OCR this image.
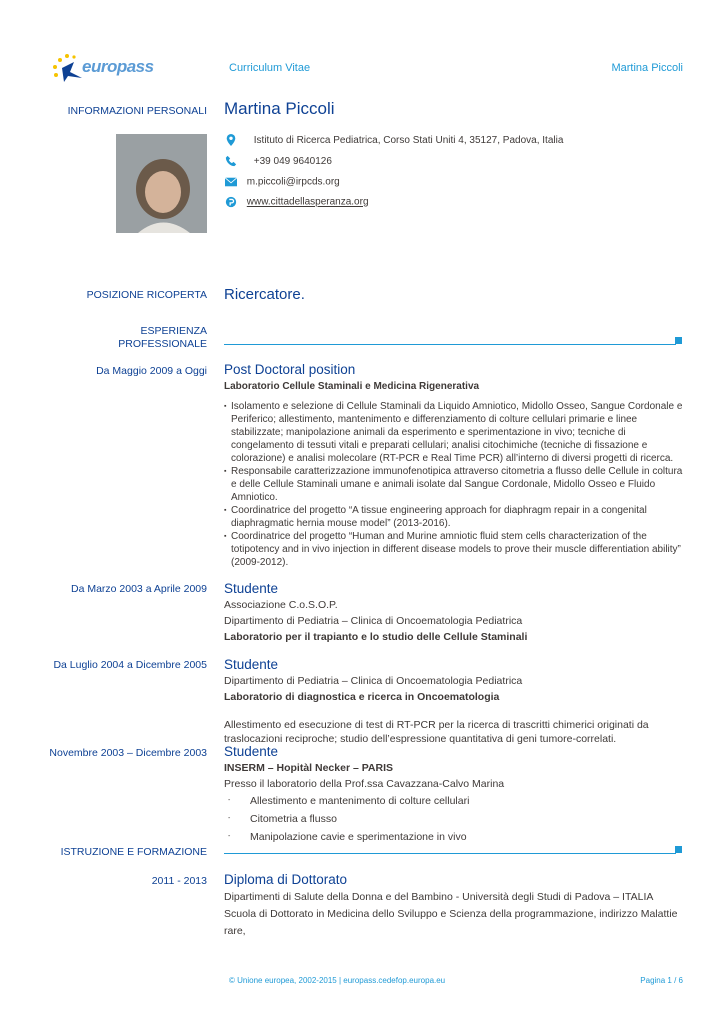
europass	Curriculum Vitae	Martina Piccoli
INFORMAZIONI PERSONALI Martina Piccoli
Istituto di Ricerca Pediatrica, Corso Stati Uniti 4, 35127, Padova, Italia
+39 049 9640126
m.piccoli@irpcds.org
www.cittadellasperanza.org
POSIZIONE RICOPERTA Ricercatore.
ESPERIENZA
PROFESSIONALE
Da Maggio 2009 a Oggi Post Doctoral position
Laboratorio Cellule Staminali e Medicina Rigenerativa
▪ Isolamento e selezione di Cellule Staminali da Liquido Amniotico, Midollo Osseo, Sangue Cordonale e Periferico; allestimento, mantenimento e differenziamento di colture cellulari primarie e linee stabilizzate; manipolazione animali da esperimento e sperimentazione in vivo; tecniche di congelamento di tessuti vitali e preparati cellulari; analisi citochimiche (tecniche di fissazione e colorazione) e analisi molecolare (RT-PCR e Real Time PCR) all’interno di diversi progetti di ricerca.
▪ Responsabile caratterizzazione immunofenotipica attraverso citometria a flusso delle Cellule in coltura e delle Cellule Staminali umane e animali isolate dal Sangue Cordonale, Midollo Osseo e Fluido Amniotico.
▪ Coordinatrice del progetto “A tissue engineering approach for diaphragm repair in a congenital diaphragmatic hernia mouse model” (2013-2016).
▪ Coordinatrice del progetto “Human and Murine amniotic fluid stem cells characterization of the totipotency and in vivo injection in different disease models to prove their muscle differentiation ability” (2009-2012).
Da Marzo 2003 a Aprile 2009 Studente
Associazione C.o.S.O.P.
Dipartimento di Pediatria – Clinica di Oncoematologia Pediatrica
Laboratorio per il trapianto e lo studio delle Cellule Staminali
Da Luglio 2004 a Dicembre 2005 Studente
Dipartimento di Pediatria – Clinica di Oncoematologia Pediatrica
Laboratorio di diagnostica e ricerca in Oncoematologia
Allestimento ed esecuzione di test di RT-PCR per la ricerca di trascritti chimerici originati da traslocazioni reciproche; studio dell’espressione quantitativa di geni tumore-correlati.
Novembre 2003 – Dicembre 2003 Studente
INSERM – Hopitàl Necker – PARIS
Presso il laboratorio della Prof.ssa Cavazzana-Calvo Marina
- Allestimento e mantenimento di colture cellulari
- Citometria a flusso
- Manipolazione cavie e sperimentazione in vivo
ISTRUZIONE E FORMAZIONE
2011 - 2013 Diploma di Dottorato
Dipartimenti di Salute della Donna e del Bambino - Università degli Studi di Padova – ITALIA
Scuola di Dottorato in Medicina dello Sviluppo e Scienza della programmazione, indirizzo Malattie rare,
© Unione europea, 2002-2015 | europass.cedefop.europa.eu	Pagina 1 / 6
